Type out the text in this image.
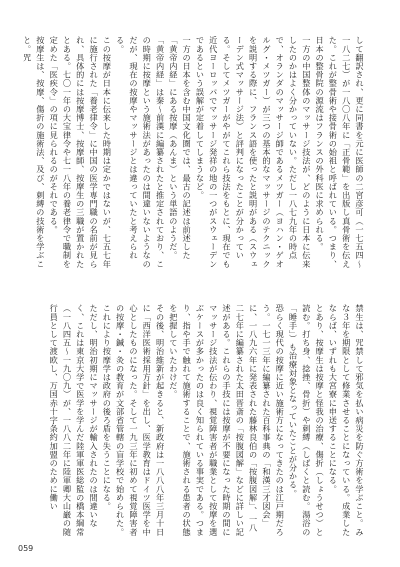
して翻訳され、更に同書を元に医師の二宮彦可（一七五四〜一八二七）が一八〇八年に「正骨範」を出版し真骨術を伝えた。これが整骨術や接骨術の始祖と呼ばれている。つまり、日本の整骨院の源流はフランスの外科医に求められる。

一方の中国整体のマッサージ技法が、どのように日本に伝来したのかはよく分かっていない。ただし一八七九年の時点で、オランダのマッサージ師であるメツガー（ヨハン・ゲオルグ・メツガー）が三つの基本的なマッサージのテクニックを説明する際に、フランス語を使ったと説明がある（スウェーデン式マッサージ法）と評判になったことが分かっている。そしてメツガーがやがてこれら技法をもとに、現在でも近代ヨーロッパでマッサージ発祥の地の一つがスウェーデンであるという誤解が定着してしまうなど。

一方の日本を含む中国文化圏では、最古の記述は前述した「黄帝内経」にある按摩（あんま）という単語のようだ。「黄帝内経」は秦〜前漢に編纂されたと推定されており、この時期に按摩という施術法があったのは間違いないようなのだが、現在の按摩やマッサージとは違っていたと考えられる。

この按摩が日本に伝来した時期は定かではないが、七五七年に施行された「養老律令」に中国の医学専門職の名前が見られ、具体的には按摩博士、按摩師、按摩生の三職が置かれたとある。七〇一年の大宝律令や七一八年の養老律令で職制を定めた「医疾令」の項に見られるのがそれである。

按摩生は、按摩、傷折の施術法、及び、刺縛の技術を学ぶこと。咒

禁生は、咒禁して邪気を払い病災を防ぐ方術を学ぶこと。みな３年を期限として修業させることになっている。成業したならば、いずれも大宮寮に申送することになる。

とあり、按摩生は按摩と怪我の治療、傷折（しょうせつ）と読む。打ち身、捻挫、骨折）や刺縛（しばくと読む。湯浴の「睡手」）も治療対象となっていたことが分かる。

恐らく現代の按摩に近い施術方になってきたのは江戸期だろう。一七一三年に編纂された百科事典の「和漢三才図会」に、一八九六年に発表された藤林良伯の「按腹図解」、一八二七年に編纂された太田晋斎の「按腹図解」などに詳しい記述がある。これらの手技には按摩が不要になった時期の間にマッサージ技法が伝わり、視覚障害者が職業として按摩を選ぶケースが多かったのは良く知られている事実である。つまり、指や手で触れて施術することで、施術される患者の状態を把握していたわけだ。

その後、明治維新が起きると、新政府は一八八八年三月十日に「西洋医術採用方針」を出し、医学教育はドイツ医学を中心としたものになった。そして一九三年に初めて視覚障害者の按摩・鍼・灸の教育が文部省管轄の盲学校で始められた。これにより按摩学は政府の後ろ盾を失うことになる。

ただし、明治初期にマッサージが輸入されたのは間違いなく、これは東京大学で医学を学んだ陸軍軍医総監の橋本綱常（一八四五〜一九〇九）が、一八八二年に陸軍卿大山巌の随行員として渡欧し、万国赤十字条約加盟のために働い

059
